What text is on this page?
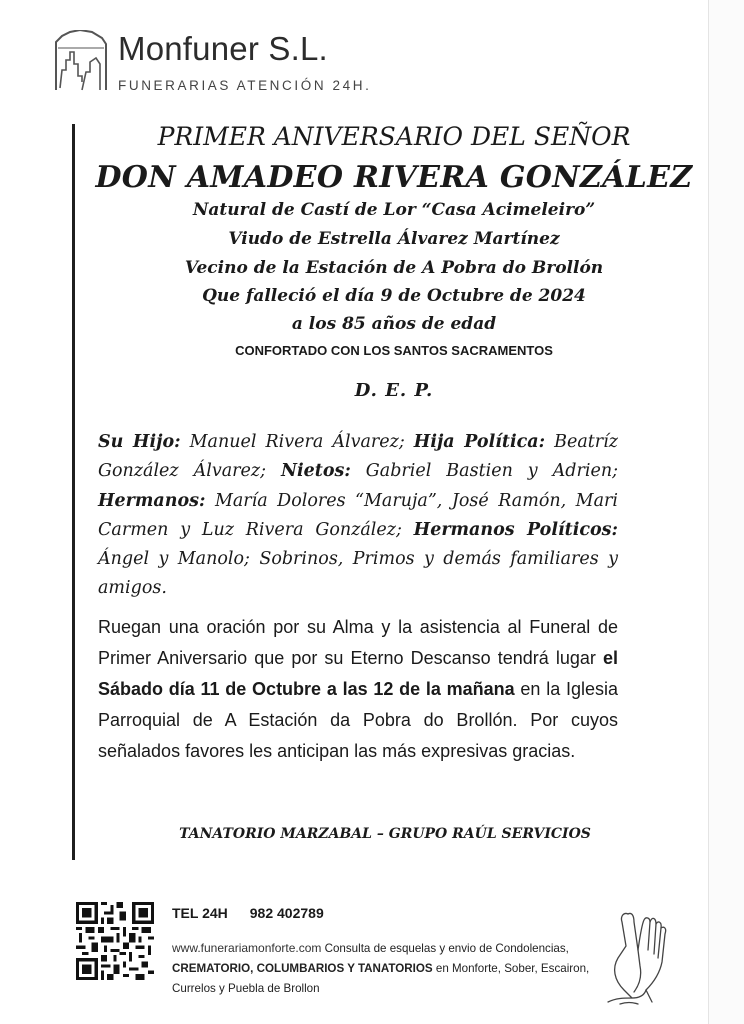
Monfuner S.L.
FUNERARIAS ATENCIÓN 24H.
PRIMER ANIVERSARIO DEL SEÑOR
DON AMADEO RIVERA GONZÁLEZ
Natural de Castí de Lor “Casa Acimeleiro”
Viudo de Estrella Álvarez Martínez
Vecino de la Estación de A Pobra do Brollón
Que falleció el día 9 de Octubre de 2024
a los 85 años de edad
CONFORTADO CON LOS SANTOS SACRAMENTOS
D. E. P.
Su Hijo: Manuel Rivera Álvarez; Hija Política: Beatríz González Álvarez; Nietos: Gabriel Bastien y Adrien; Hermanos: María Dolores “Maruja”, José Ramón, Mari Carmen y Luz Rivera González; Hermanos Políticos: Ángel y Manolo; Sobrinos, Primos y demás familiares y amigos.
Ruegan una oración por su Alma y la asistencia al Funeral de Primer Aniversario que por su Eterno Descanso tendrá lugar el Sábado día 11 de Octubre a las 12 de la mañana en la Iglesia Parroquial de A Estación da Pobra do Brollón. Por cuyos señalados favores les anticipan las más expresivas gracias.
TANATORIO MARZABAL – GRUPO RAÚL SERVICIOS
TEL 24H 982 402789
www.funerariamonforte.com Consulta de esquelas y envio de Condolencias, CREMATORIO, COLUMBARIOS Y TANATORIOS en Monforte, Sober, Escairon, Currelos y Puebla de Brollon
